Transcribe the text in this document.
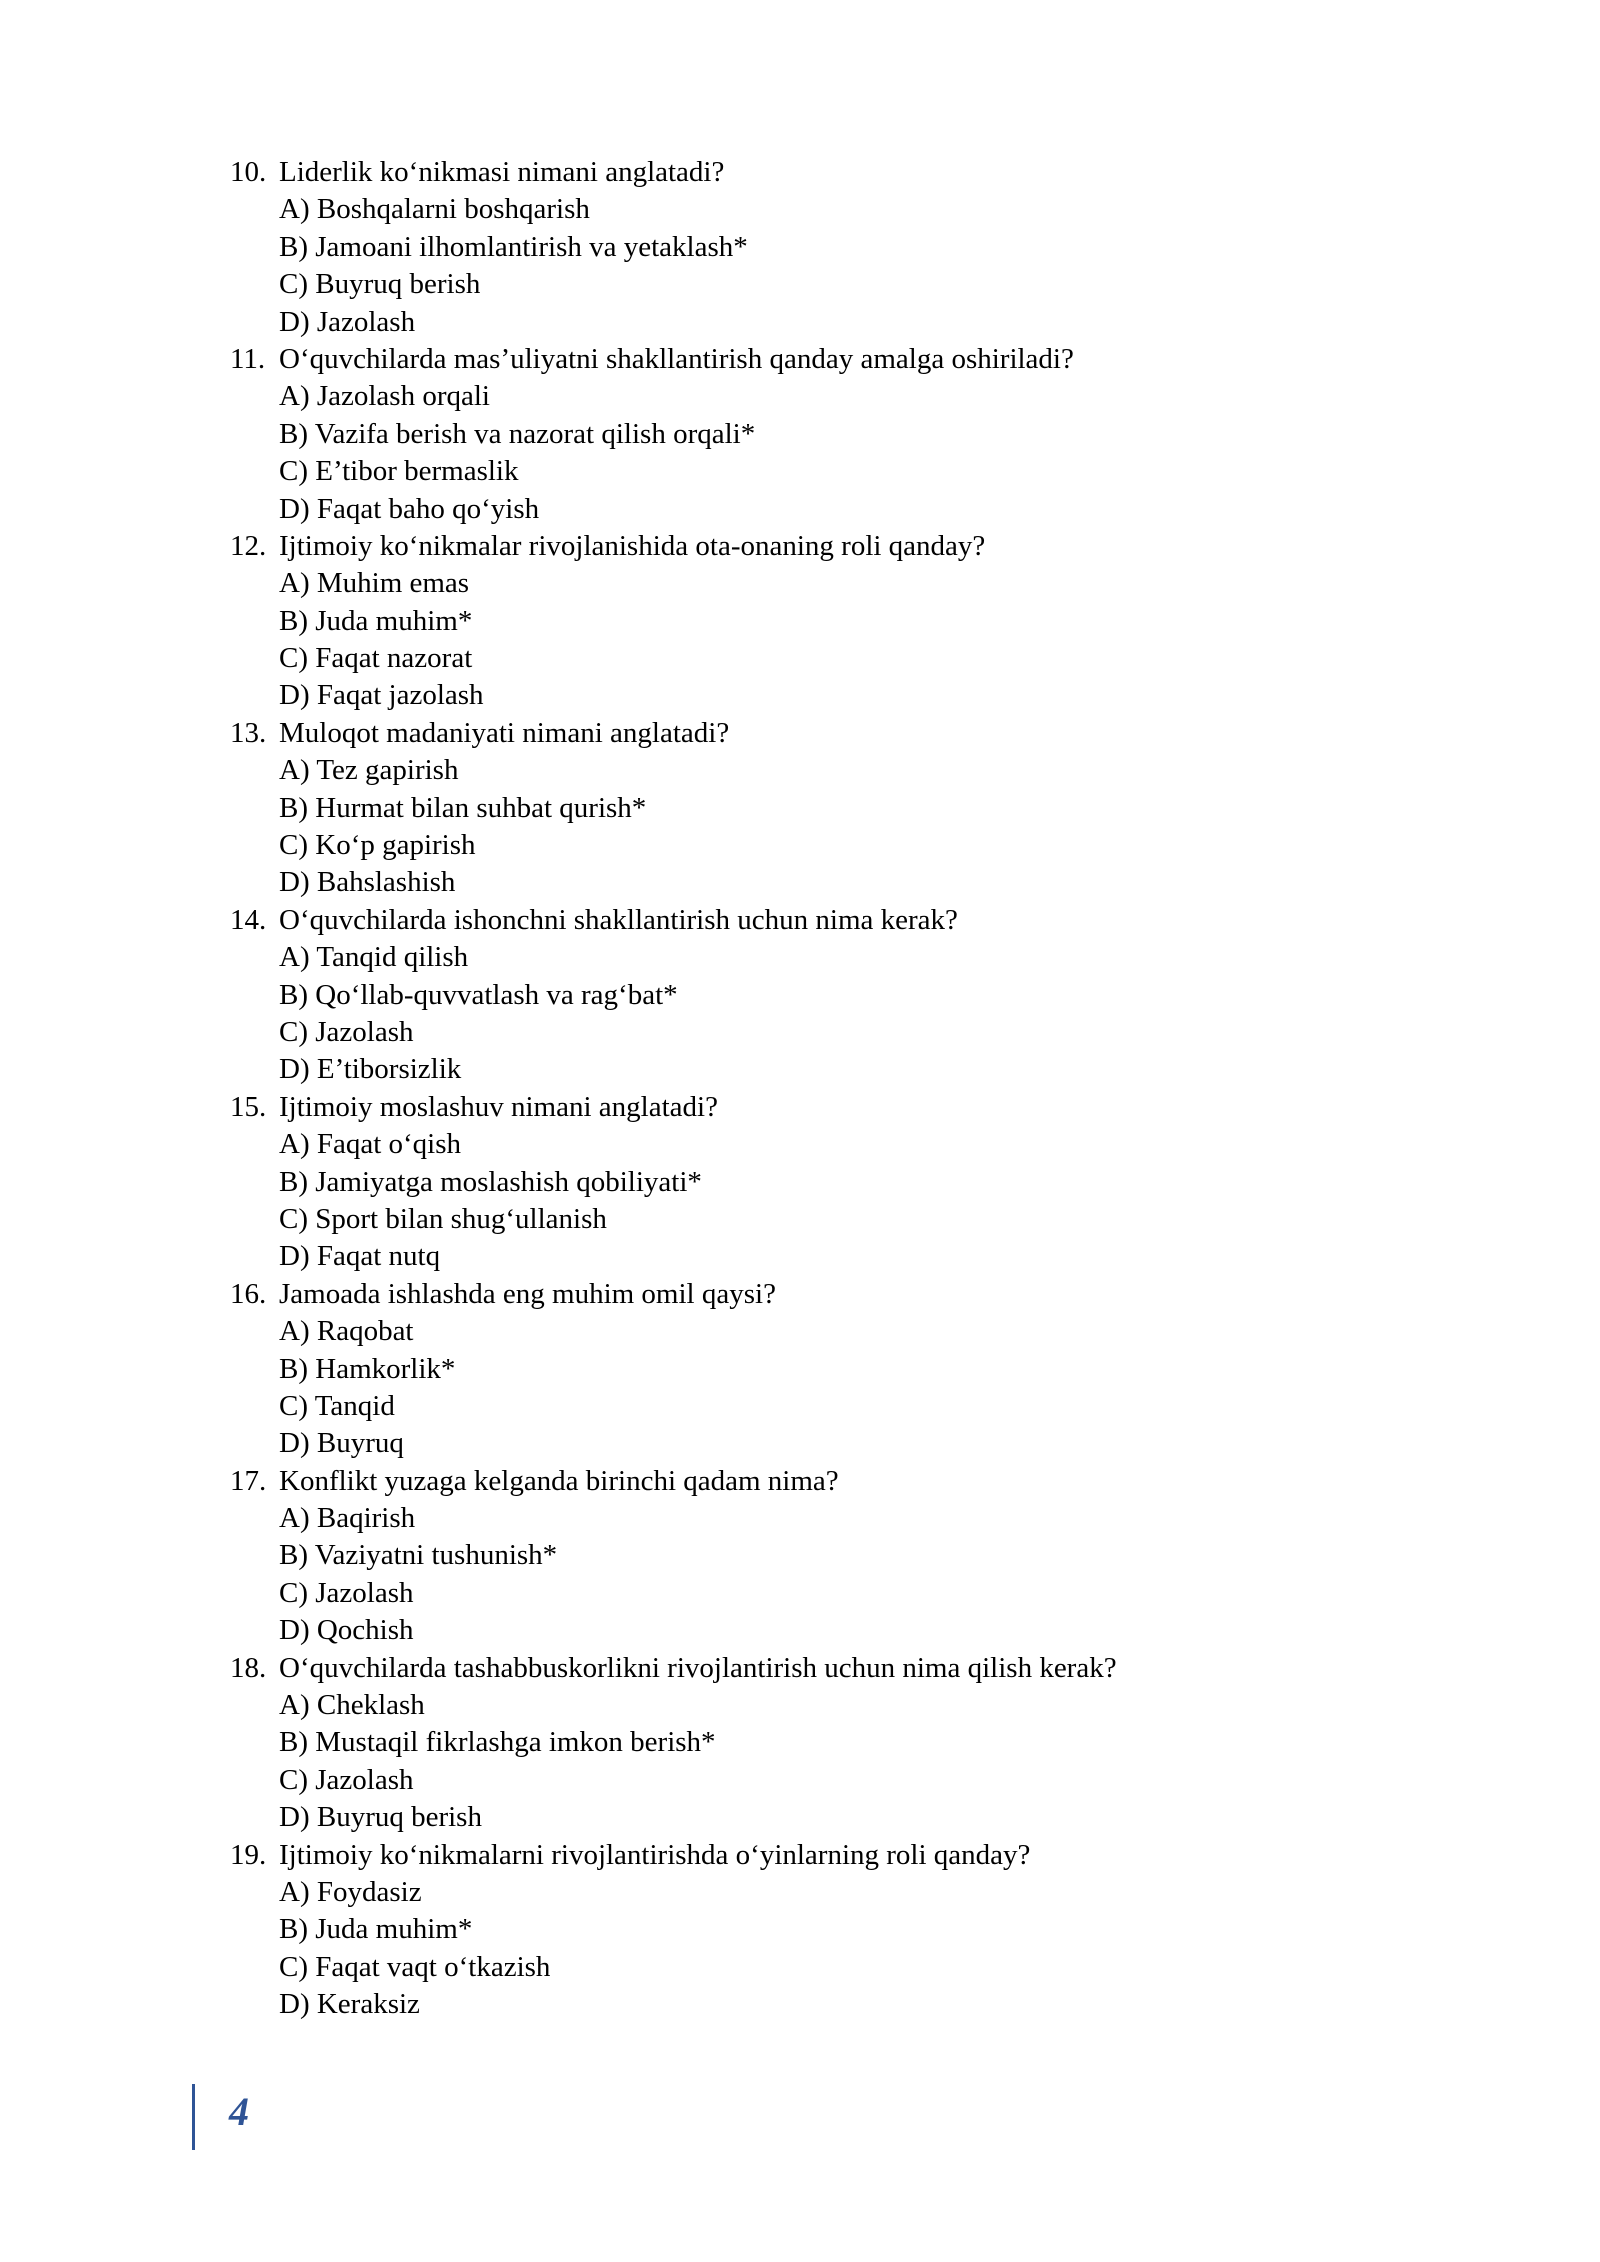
10. Liderlik ko‘nikmasi nimani anglatadi?
A) Boshqalarni boshqarish
B) Jamoani ilhomlantirish va yetaklash*
C) Buyruq berish
D) Jazolash
11. O‘quvchilarda mas’uliyatni shakllantirish qanday amalga oshiriladi?
A) Jazolash orqali
B) Vazifa berish va nazorat qilish orqali*
C) E’tibor bermaslik
D) Faqat baho qo‘yish
12. Ijtimoiy ko‘nikmalar rivojlanishida ota-onaning roli qanday?
A) Muhim emas
B) Juda muhim*
C) Faqat nazorat
D) Faqat jazolash
13. Muloqot madaniyati nimani anglatadi?
A) Tez gapirish
B) Hurmat bilan suhbat qurish*
C) Ko‘p gapirish
D) Bahslashish
14. O‘quvchilarda ishonchni shakllantirish uchun nima kerak?
A) Tanqid qilish
B) Qo‘llab-quvvatlash va rag‘bat*
C) Jazolash
D) E’tiborsizlik
15. Ijtimoiy moslashuv nimani anglatadi?
A) Faqat o‘qish
B) Jamiyatga moslashish qobiliyati*
C) Sport bilan shug‘ullanish
D) Faqat nutq
16. Jamoada ishlashda eng muhim omil qaysi?
A) Raqobat
B) Hamkorlik*
C) Tanqid
D) Buyruq
17. Konflikt yuzaga kelganda birinchi qadam nima?
A) Baqirish
B) Vaziyatni tushunish*
C) Jazolash
D) Qochish
18. O‘quvchilarda tashabbuskorlikni rivojlantirish uchun nima qilish kerak?
A) Cheklash
B) Mustaqil fikrlashga imkon berish*
C) Jazolash
D) Buyruq berish
19. Ijtimoiy ko‘nikmalarni rivojlantirishda o‘yinlarning roli qanday?
A) Foydasiz
B) Juda muhim*
C) Faqat vaqt o‘tkazish
D) Keraksiz
4
